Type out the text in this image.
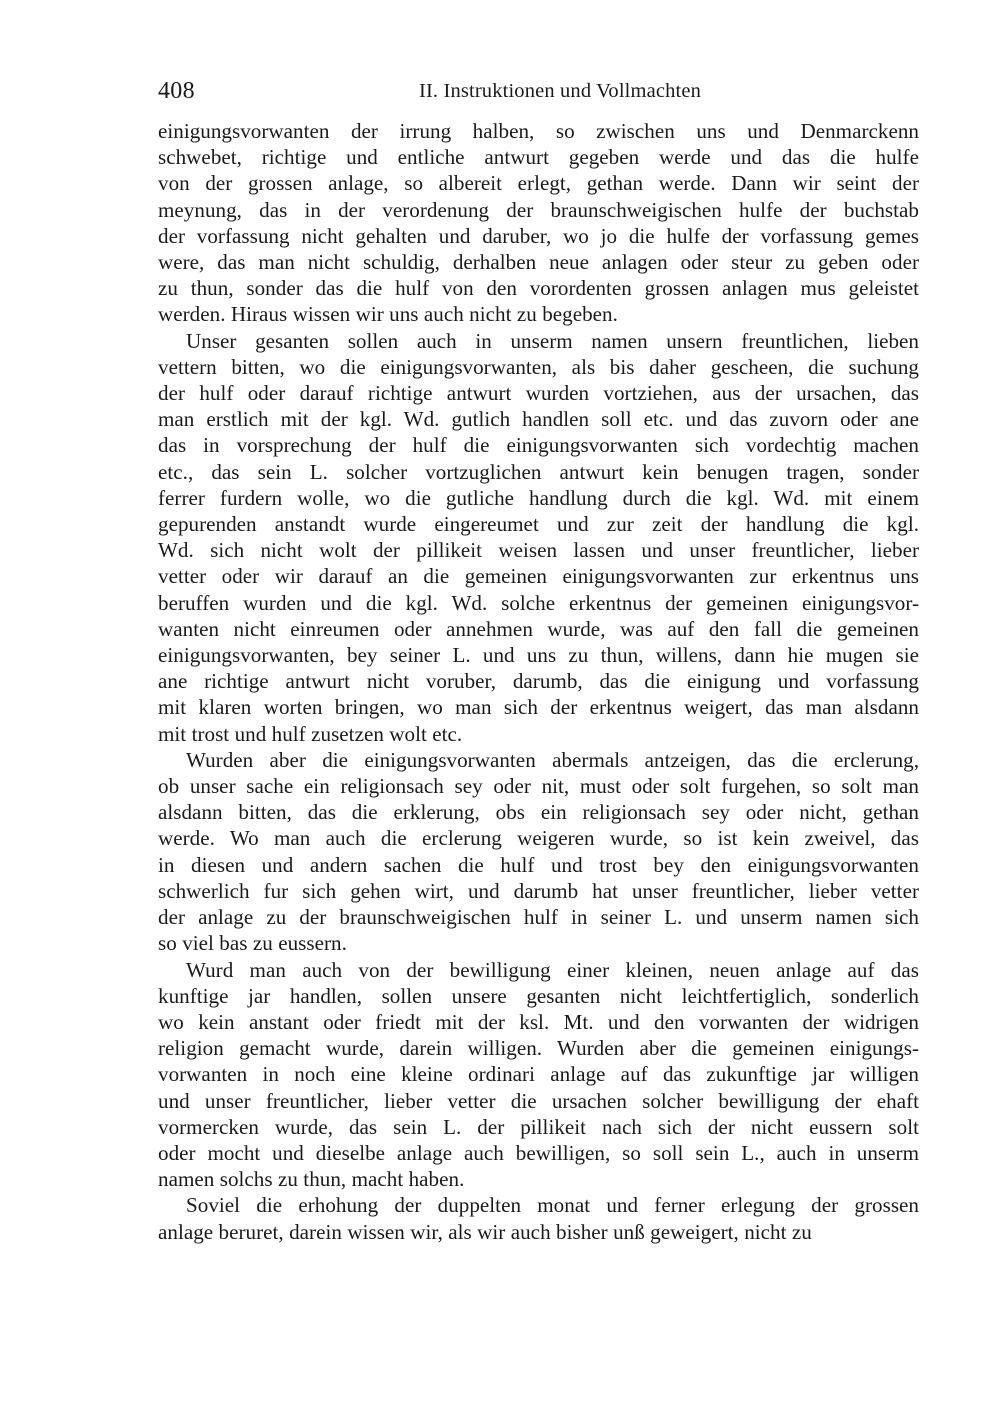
408	II. Instruktionen und Vollmachten

einigungsvorwanten der irrung halben, so zwischen uns und Denmarckenn
schwebet, richtige und entliche antwurt gegeben werde und das die hulfe
von der grossen anlage, so albereit erlegt, gethan werde. Dann wir seint der
meynung, das in der verordenung der braunschweigischen hulfe der buchstab
der vorfassung nicht gehalten und daruber, wo jo die hulfe der vorfassung gemes
were, das man nicht schuldig, derhalben neue anlagen oder steur zu geben oder
zu thun, sonder das die hulf von den vorordenten grossen anlagen mus geleistet
werden. Hiraus wissen wir uns auch nicht zu begeben.

Unser gesanten sollen auch in unserm namen unsern freuntlichen, lieben
vettern bitten, wo die einigungsvorwanten, als bis daher gescheen, die suchung
der hulf oder darauf richtige antwurt wurden vortziehen, aus der ursachen, das
man erstlich mit der kgl. Wd. gutlich handlen soll etc. und das zuvorn oder ane
das in vorsprechung der hulf die einigungsvorwanten sich vordechtig machen
etc., das sein L. solcher vortzuglichen antwurt kein benugen tragen, sonder
ferrer furdern wolle, wo die gutliche handlung durch die kgl. Wd. mit einem
gepurenden anstandt wurde eingereumet und zur zeit der handlung die kgl.
Wd. sich nicht wolt der pillikeit weisen lassen und unser freuntlicher, lieber
vetter oder wir darauf an die gemeinen einigungsvorwanten zur erkentnus uns
beruffen wurden und die kgl. Wd. solche erkentnus der gemeinen einigungsvor-
wanten nicht einreumen oder annehmen wurde, was auf den fall die gemeinen
einigungsvorwanten, bey seiner L. und uns zu thun, willens, dann hie mugen sie
ane richtige antwurt nicht voruber, darumb, das die einigung und vorfassung
mit klaren worten bringen, wo man sich der erkentnus weigert, das man alsdann
mit trost und hulf zusetzen wolt etc.

Wurden aber die einigungsvorwanten abermals antzeigen, das die erclerung,
ob unser sache ein religionsach sey oder nit, must oder solt furgehen, so solt man
alsdann bitten, das die erklerung, obs ein religionsach sey oder nicht, gethan
werde. Wo man auch die erclerung weigeren wurde, so ist kein zweivel, das
in diesen und andern sachen die hulf und trost bey den einigungsvorwanten
schwerlich fur sich gehen wirt, und darumb hat unser freuntlicher, lieber vetter
der anlage zu der braunschweigischen hulf in seiner L. und unserm namen sich
so viel bas zu eussern.

Wurd man auch von der bewilligung einer kleinen, neuen anlage auf das
kunftige jar handlen, sollen unsere gesanten nicht leichtfertiglich, sonderlich
wo kein anstant oder friedt mit der ksl. Mt. und den vorwanten der widrigen
religion gemacht wurde, darein willigen. Wurden aber die gemeinen einigungs-
vorwanten in noch eine kleine ordinari anlage auf das zukunftige jar willigen
und unser freuntlicher, lieber vetter die ursachen solcher bewilligung der ehaft
vormercken wurde, das sein L. der pillikeit nach sich der nicht eussern solt
oder mocht und dieselbe anlage auch bewilligen, so soll sein L., auch in unserm
namen solchs zu thun, macht haben.

Soviel die erhohung der duppelten monat und ferner erlegung der grossen
anlage beruret, darein wissen wir, als wir auch bisher unß geweigert, nicht zu
